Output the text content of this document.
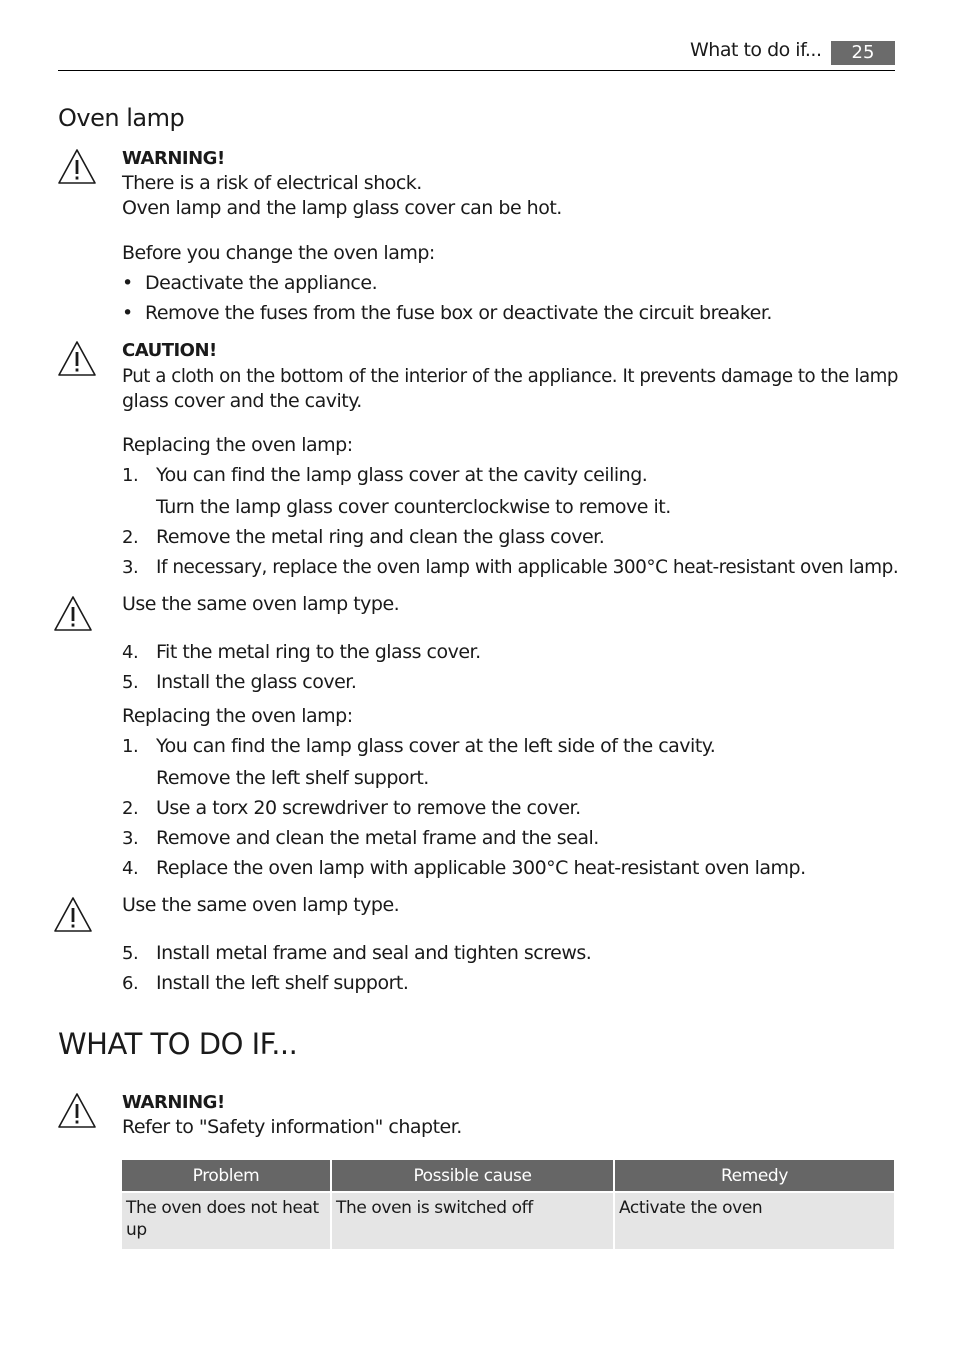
What to do if...	25
Oven lamp
WARNING!
There is a risk of electrical shock.
Oven lamp and the lamp glass cover can be hot.
Before you change the oven lamp:
• Deactivate the appliance.
• Remove the fuses from the fuse box or deactivate the circuit breaker.
CAUTION!
Put a cloth on the bottom of the interior of the appliance. It prevents damage to the lamp
glass cover and the cavity.
Replacing the oven lamp:
1. You can find the lamp glass cover at the cavity ceiling.
Turn the lamp glass cover counterclockwise to remove it.
2. Remove the metal ring and clean the glass cover.
3. If necessary, replace the oven lamp with applicable 300°C heat-resistant oven lamp.
Use the same oven lamp type.
4. Fit the metal ring to the glass cover.
5. Install the glass cover.
Replacing the oven lamp:
1. You can find the lamp glass cover at the left side of the cavity.
Remove the left shelf support.
2. Use a torx 20 screwdriver to remove the cover.
3. Remove and clean the metal frame and the seal.
4. Replace the oven lamp with applicable 300°C heat-resistant oven lamp.
Use the same oven lamp type.
5. Install metal frame and seal and tighten screws.
6. Install the left shelf support.
WHAT TO DO IF...
WARNING!
Refer to "Safety information" chapter.
Problem	Possible cause	Remedy
The oven does not heat up	The oven is switched off	Activate the oven
